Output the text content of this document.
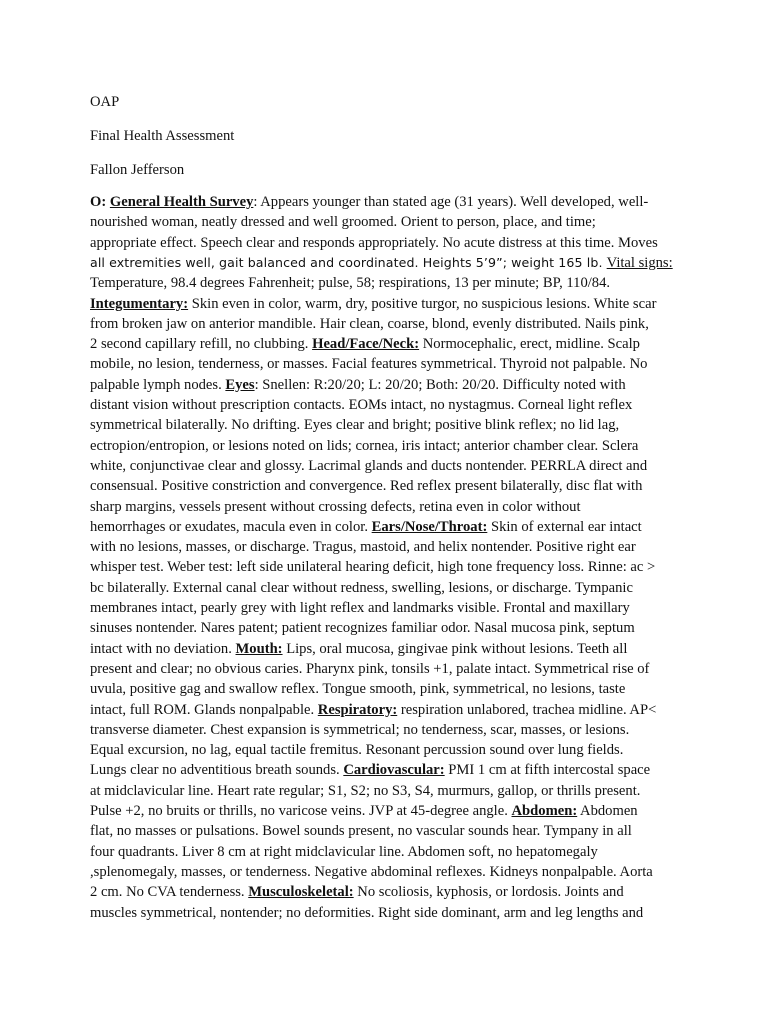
OAP
Final Health Assessment
Fallon Jefferson
O: General Health Survey: Appears younger than stated age (31 years). Well developed, well-
nourished woman, neatly dressed and well groomed. Orient to person, place, and time;
appropriate effect. Speech clear and responds appropriately. No acute distress at this time. Moves
all extremities well, gait balanced and coordinated. Heights 5’9”; weight 165 lb. Vital signs:
Temperature, 98.4 degrees Fahrenheit; pulse, 58; respirations, 13 per minute; BP, 110/84.
Integumentary: Skin even in color, warm, dry, positive turgor, no suspicious lesions. White scar
from broken jaw on anterior mandible. Hair clean, coarse, blond, evenly distributed. Nails pink,
2 second capillary refill, no clubbing. Head/Face/Neck: Normocephalic, erect, midline. Scalp
mobile, no lesion, tenderness, or masses. Facial features symmetrical. Thyroid not palpable. No
palpable lymph nodes. Eyes: Snellen: R:20/20; L: 20/20; Both: 20/20. Difficulty noted with
distant vision without prescription contacts. EOMs intact, no nystagmus. Corneal light reflex
symmetrical bilaterally. No drifting. Eyes clear and bright; positive blink reflex; no lid lag,
ectropion/entropion, or lesions noted on lids; cornea, iris intact; anterior chamber clear. Sclera
white, conjunctivae clear and glossy. Lacrimal glands and ducts nontender. PERRLA direct and
consensual. Positive constriction and convergence. Red reflex present bilaterally, disc flat with
sharp margins, vessels present without crossing defects, retina even in color without
hemorrhages or exudates, macula even in color. Ears/Nose/Throat: Skin of external ear intact
with no lesions, masses, or discharge. Tragus, mastoid, and helix nontender. Positive right ear
whisper test. Weber test: left side unilateral hearing deficit, high tone frequency loss. Rinne: ac >
bc bilaterally. External canal clear without redness, swelling, lesions, or discharge. Tympanic
membranes intact, pearly grey with light reflex and landmarks visible. Frontal and maxillary
sinuses nontender. Nares patent; patient recognizes familiar odor. Nasal mucosa pink, septum
intact with no deviation. Mouth: Lips, oral mucosa, gingivae pink without lesions. Teeth all
present and clear; no obvious caries. Pharynx pink, tonsils +1, palate intact. Symmetrical rise of
uvula, positive gag and swallow reflex. Tongue smooth, pink, symmetrical, no lesions, taste
intact, full ROM. Glands nonpalpable. Respiratory: respiration unlabored, trachea midline. AP<
transverse diameter. Chest expansion is symmetrical; no tenderness, scar, masses, or lesions.
Equal excursion, no lag, equal tactile fremitus. Resonant percussion sound over lung fields.
Lungs clear no adventitious breath sounds. Cardiovascular: PMI 1 cm at fifth intercostal space
at midclavicular line. Heart rate regular; S1, S2; no S3, S4, murmurs, gallop, or thrills present.
Pulse +2, no bruits or thrills, no varicose veins. JVP at 45-degree angle. Abdomen: Abdomen
flat, no masses or pulsations. Bowel sounds present, no vascular sounds hear. Tympany in all
four quadrants. Liver 8 cm at right midclavicular line. Abdomen soft, no hepatomegaly
,splenomegaly, masses, or tenderness. Negative abdominal reflexes. Kidneys nonpalpable. Aorta
2 cm. No CVA tenderness. Musculoskeletal: No scoliosis, kyphosis, or lordosis. Joints and
muscles symmetrical, nontender; no deformities. Right side dominant, arm and leg lengths and
